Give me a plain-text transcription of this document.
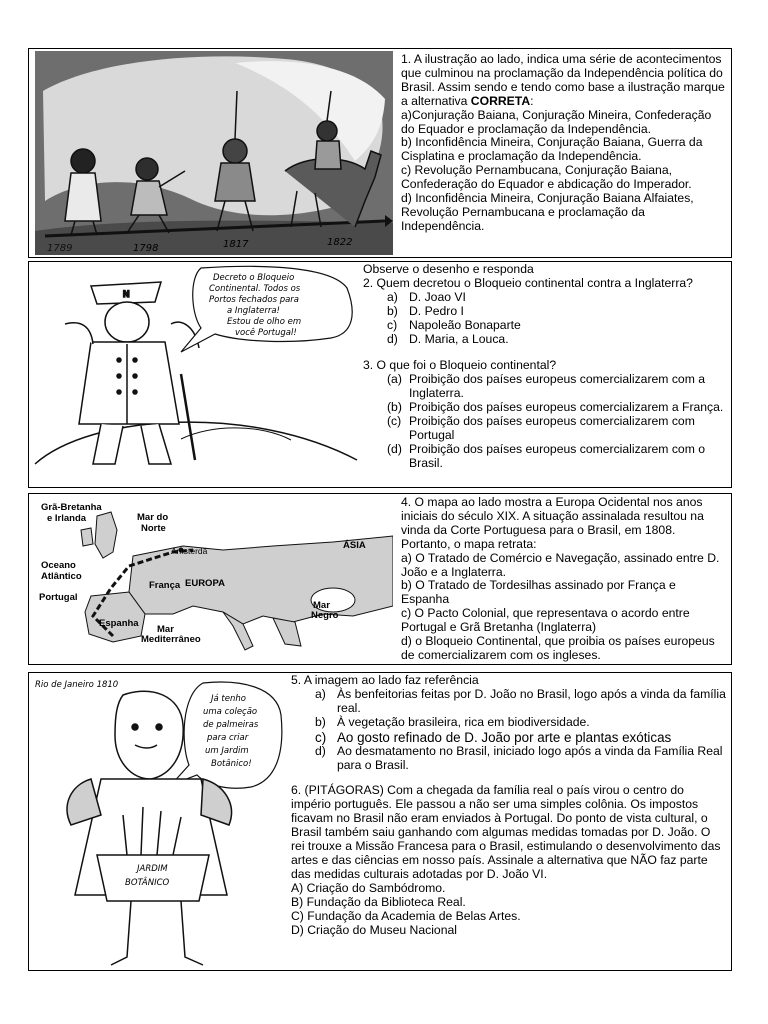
1789	1798	1817	1822

1. A ilustração ao lado, indica uma série de acontecimentos que culminou na proclamação da Independência política do Brasil. Assim sendo e tendo como base a ilustração marque a alternativa CORRETA:

a)Conjuração Baiana, Conjuração Mineira, Confederação do Equador e proclamação da Independência.

b) Inconfidência Mineira, Conjuração Baiana, Guerra da Cisplatina e proclamação da Independência.

c) Revolução Pernambucana, Conjuração Baiana, Confederação do Equador e abdicação do Imperador.

d) Inconfidência Mineira, Conjuração Baiana Alfaiates, Revolução Pernambucana e proclamação da Independência.

N
Decreto o Bloqueio
Continental. Todos os
Portos fechados para
a Inglaterra!
Estou de olho em
você Portugal!

Observe o desenho e responda

2. Quem decretou o Bloqueio continental contra a Inglaterra?

a) D. Joao VI
b) D. Pedro I
c) Napoleão Bonaparte
d) D. Maria, a Louca.

3. O que foi o Bloqueio continental?

(a) Proibição dos países europeus comercializarem com a Inglaterra.
(b) Proibição dos países europeus comercializarem a França.
(c) Proibição dos países europeus comercializarem com Portugal
(d) Proibição dos países europeus comercializarem com o Brasil.
Grã-Bretanha
e Irlanda	Mar do
Norte
Amsterdã	ÁSIA
Oceano
Atlântico
França EUROPA
Portugal
Espanha
Mar
Mediterrâneo
Mar
Negro

4. O mapa ao lado mostra a Europa Ocidental nos anos iniciais do século XIX. A situação assinalada resultou na vinda da Corte Portuguesa para o Brasil, em 1808. Portanto, o mapa retrata:

a) O Tratado de Comércio e Navegação, assinado entre D. João e a Inglaterra.

b) O Tratado de Tordesilhas assinado por França e Espanha

c) O Pacto Colonial, que representava o acordo entre Portugal e Grã Bretanha (Inglaterra)

d) o Bloqueio Continental, que proibia os países europeus de comercializarem com os ingleses.

Rio de Janeiro 1810
Já tenho
uma coleção
de palmeiras
para criar
um Jardim
Botânico!
JARDIM
BOTÂNICO

5. A imagem ao lado faz referência

a) Às benfeitorias feitas por D. João no Brasil, logo após a vinda da família real.
b) À vegetação brasileira, rica em biodiversidade.
c) Ao gosto refinado de D. João por arte e plantas exóticas
d) Ao desmatamento no Brasil, iniciado logo após a vinda da Família Real para o Brasil.

6. (PITÁGORAS) Com a chegada da família real o país virou o centro do império português. Ele passou a não ser uma simples colônia. Os impostos ficavam no Brasil não eram enviados à Portugal. Do ponto de vista cultural, o Brasil também saiu ganhando com algumas medidas tomadas por D. João. O rei trouxe a Missão Francesa para o Brasil, estimulando o desenvolvimento das artes e das ciências em nosso país. Assinale a alternativa que NÃO faz parte das medidas culturais adotadas por D. João VI.

A) Criação do Sambódromo.

B) Fundação da Biblioteca Real.

C) Fundação da Academia de Belas Artes.

D) Criação do Museu Nacional
